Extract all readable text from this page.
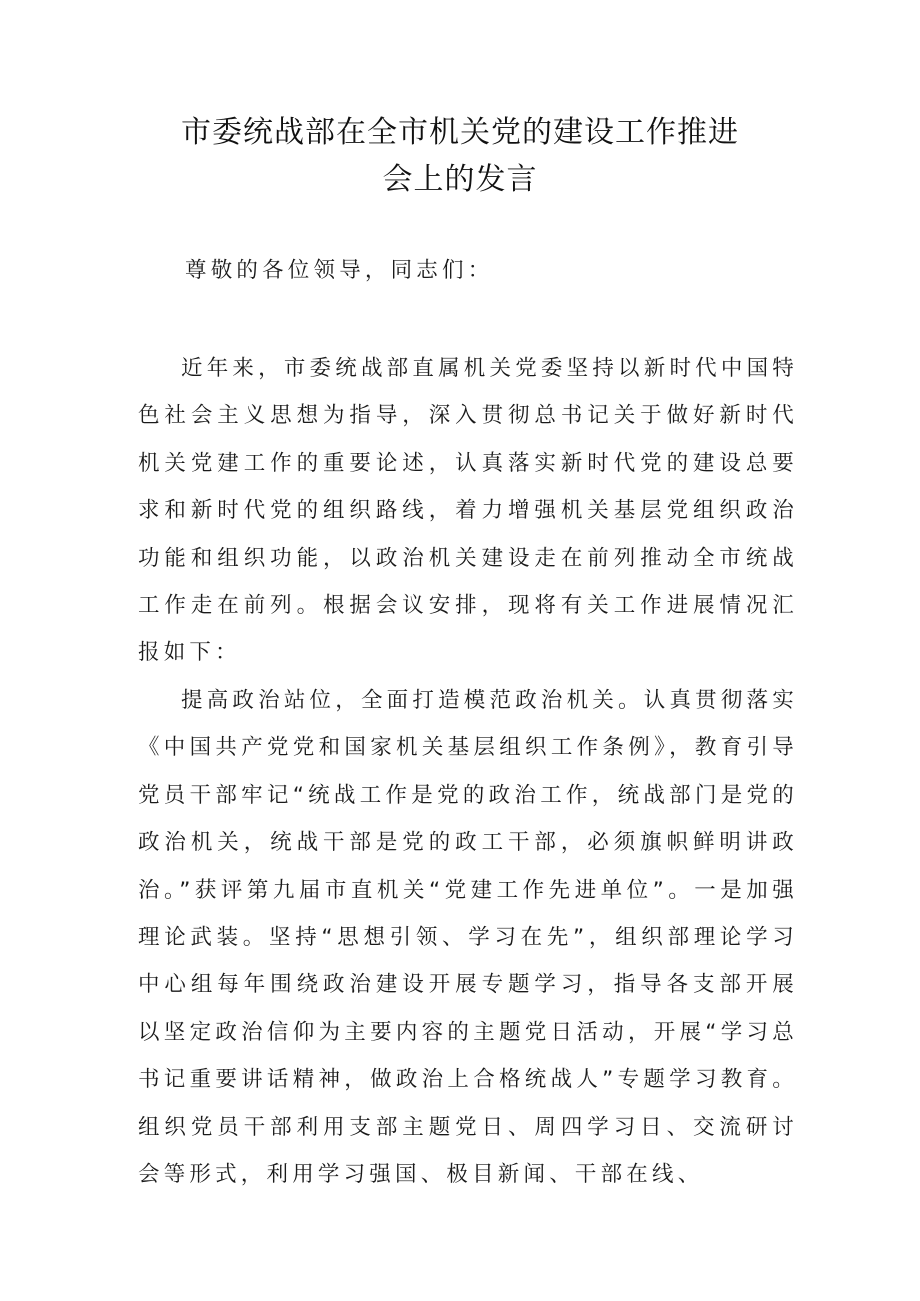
市委统战部在全市机关党的建设工作推进
会上的发言

尊敬的各位领导，同志们：

近年来，市委统战部直属机关党委坚持以新时代中国特色社会主义思想为指导，深入贯彻总书记关于做好新时代机关党建工作的重要论述，认真落实新时代党的建设总要求和新时代党的组织路线，着力增强机关基层党组织政治功能和组织功能，以政治机关建设走在前列推动全市统战工作走在前列。根据会议安排，现将有关工作进展情况汇报如下：

提高政治站位，全面打造模范政治机关。认真贯彻落实《中国共产党党和国家机关基层组织工作条例》，教育引导党员干部牢记“统战工作是党的政治工作，统战部门是党的政治机关，统战干部是党的政工干部，必须旗帜鲜明讲政治。”获评第九届市直机关“党建工作先进单位”。一是加强理论武装。坚持“思想引领、学习在先”，组织部理论学习中心组每年围绕政治建设开展专题学习，指导各支部开展以坚定政治信仰为主要内容的主题党日活动，开展“学习总书记重要讲话精神，做政治上合格统战人”专题学习教育。组织党员干部利用支部主题党日、周四学习日、交流研讨会等形式，利用学习强国、极目新闻、干部在线、
